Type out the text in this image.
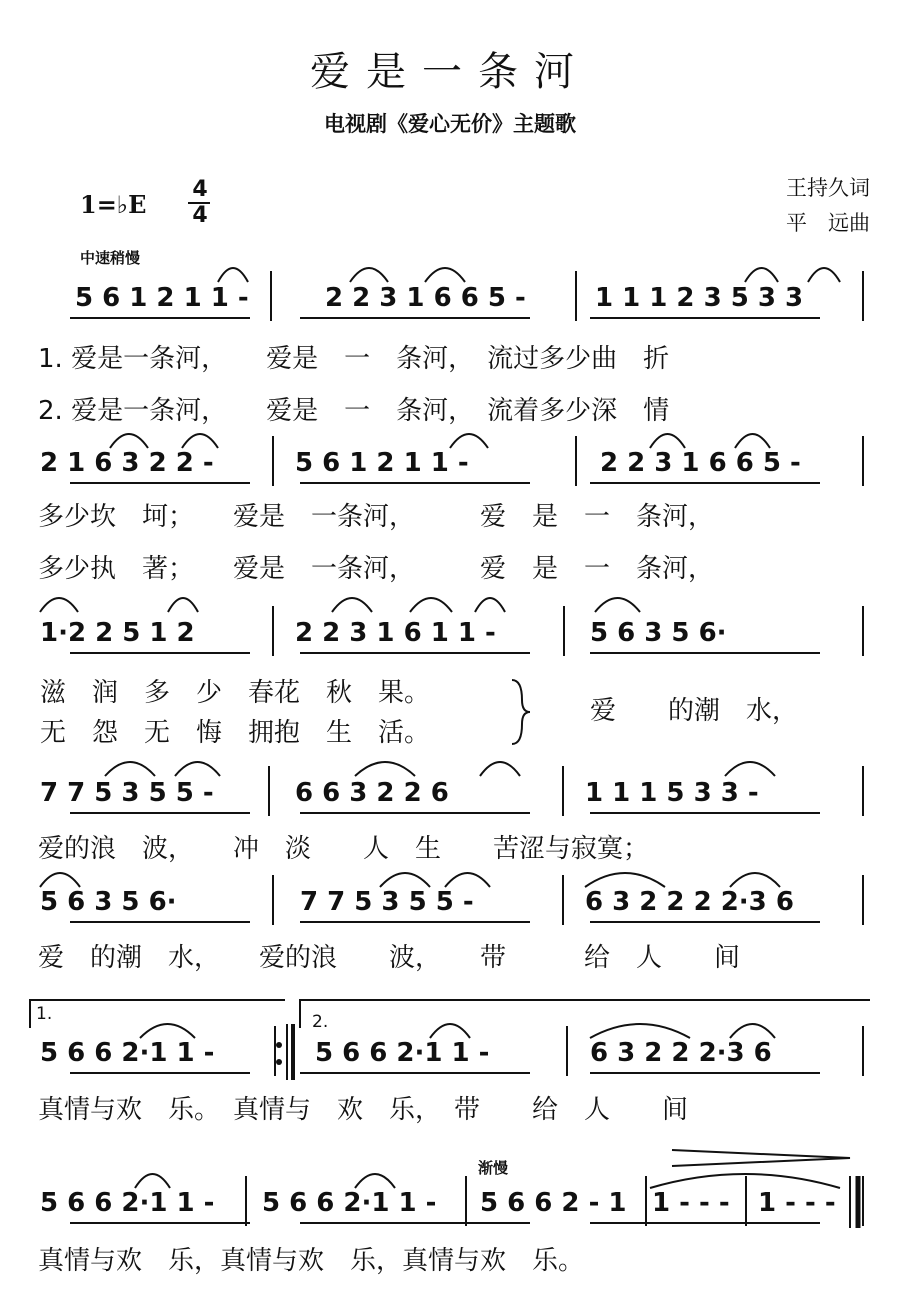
爱是一条河
电视剧《爱心无价》主题歌
王持久词
平　远曲
1=♭E
4
4
中速稍慢
渐慢
1.	2.
5 6 1 2 1 1 -	2 2 3 1 6 6 5 -	1 1 1 2 3 5 3 3
1. 爱是一条河，　　爱是　一　条河，　流过多少曲　折
2. 爱是一条河，　　爱是　一　条河，　流着多少深　情
2 1 6 3 2 2 -	5 6 1 2 1 1 -	2 2 3 1 6 6 5 -
多少坎　坷；　　爱是　一条河，　　　爱　是　一　条河，
多少执　著；　　爱是　一条河，　　　爱　是　一　条河，
1·2 2 5 1 2	2 2 3 1 6 1 1 -	5 6 3 5 6·
滋　润　多　少　春花　秋　果。
无　怨　无　悔　拥抱　生　活。
爱　　的潮　水，
7 7 5 3 5 5 -	6 6 3 2 2 6	1 1 1 5 3 3 -
爱的浪　波，　　冲　淡　　人　生　　苦涩与寂寞；
5 6 3 5 6·	7 7 5 3 5 5 -	6 3 2 2 2 2·3 6
爱　的潮　水，　　爱的浪　　波，　　带　　　给　人　　间
5 6 6 2·1 1 -	5 6 6 2·1 1 -	6 3 2 2 2·3 6
真情与欢　乐。　真情与　欢　乐，　带　　给　人　　间
5 6 6 2·1 1 - 5 6 6 2·1 1 - 5 6 6 2 - 1 1 - - - 1 - - -
真情与欢　乐，真情与欢　乐，真情与欢　乐。
